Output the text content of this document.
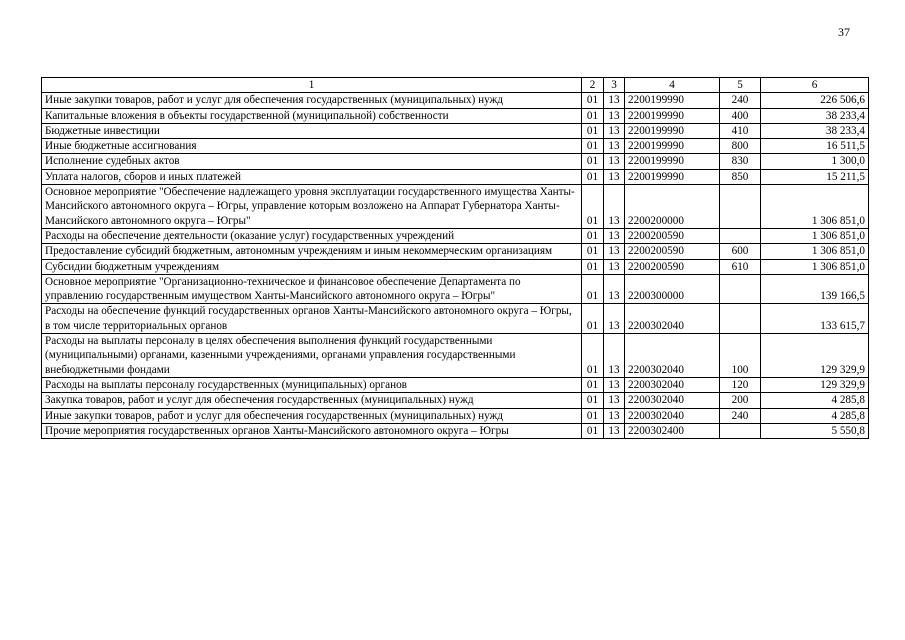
37
1	2	3	4	5	6
Иные закупки товаров, работ и услуг для обеспечения государственных (муниципальных) нужд	01	13	2200199990	240	226 506,6
Капитальные вложения в объекты государственной (муниципальной) собственности	01	13	2200199990	400	38 233,4
Бюджетные инвестиции	01	13	2200199990	410	38 233,4
Иные бюджетные ассигнования	01	13	2200199990	800	16 511,5
Исполнение судебных актов	01	13	2200199990	830	1 300,0
Уплата налогов, сборов и иных платежей	01	13	2200199990	850	15 211,5
Основное мероприятие "Обеспечение надлежащего уровня эксплуатации государственного имущества Ханты-Мансийского автономного округа – Югры, управление которым возложено на Аппарат Губернатора Ханты-Мансийского автономного округа – Югры"	01	13	2200200000		1 306 851,0
Расходы на обеспечение деятельности (оказание услуг) государственных учреждений	01	13	2200200590		1 306 851,0
Предоставление субсидий бюджетным, автономным учреждениям и иным некоммерческим организациям	01	13	2200200590	600	1 306 851,0
Субсидии бюджетным учреждениям	01	13	2200200590	610	1 306 851,0
Основное мероприятие "Организационно-техническое и финансовое обеспечение Департамента по управлению государственным имуществом Ханты-Мансийского автономного округа – Югры"	01	13	2200300000		139 166,5
Расходы на обеспечение функций государственных органов Ханты-Мансийского автономного округа – Югры, в том числе территориальных органов	01	13	2200302040		133 615,7
Расходы на выплаты персоналу в целях обеспечения выполнения функций государственными (муниципальными) органами, казенными учреждениями, органами управления государственными внебюджетными фондами	01	13	2200302040	100	129 329,9
Расходы на выплаты персоналу государственных (муниципальных) органов	01	13	2200302040	120	129 329,9
Закупка товаров, работ и услуг для обеспечения государственных (муниципальных) нужд	01	13	2200302040	200	4 285,8
Иные закупки товаров, работ и услуг для обеспечения государственных (муниципальных) нужд	01	13	2200302040	240	4 285,8
Прочие мероприятия государственных органов Ханты-Мансийского автономного округа – Югры	01	13	2200302400		5 550,8
